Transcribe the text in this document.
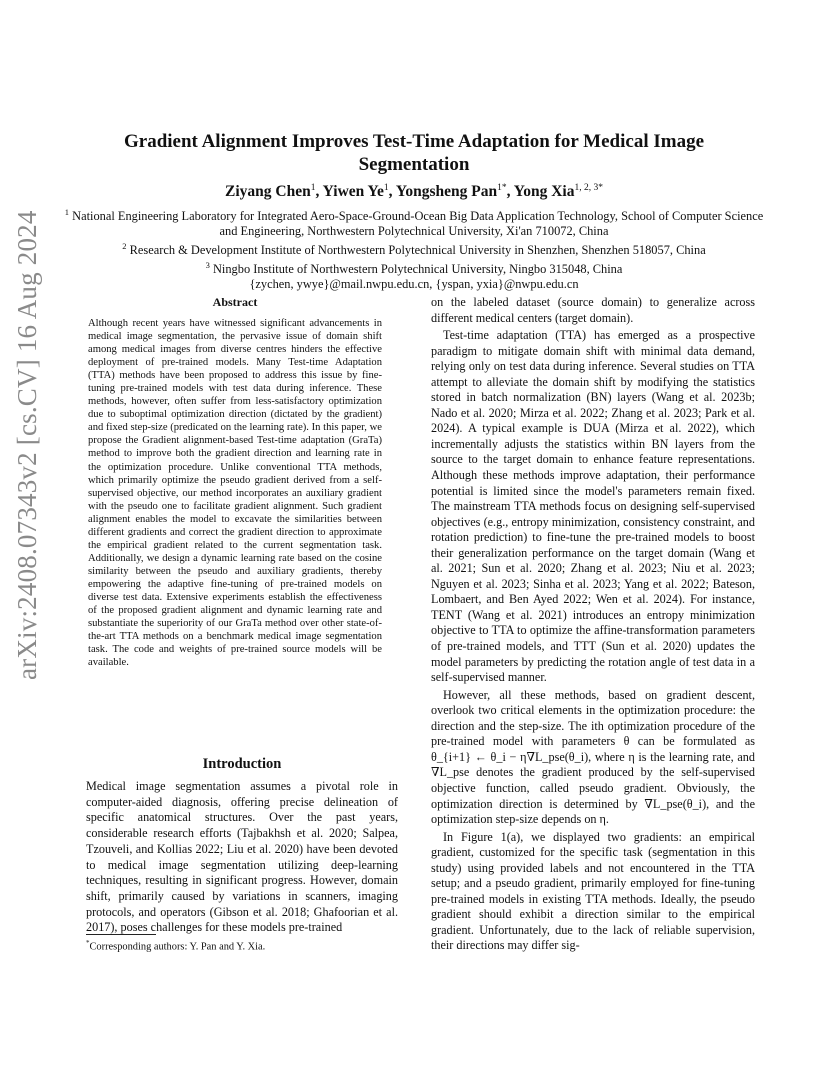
arXiv:2408.07343v2 [cs.CV] 16 Aug 2024
Gradient Alignment Improves Test-Time Adaptation for Medical Image Segmentation
Ziyang Chen$^1$, Yiwen Ye$^1$, Yongsheng Pan$^{1*}$, Yong Xia$^{1, 2, 3*}$
$^1$ National Engineering Laboratory for Integrated Aero-Space-Ground-Ocean Big Data Application Technology, School of Computer Science and Engineering, Northwestern Polytechnical University, Xi'an 710072, China
$^2$ Research & Development Institute of Northwestern Polytechnical University in Shenzhen, Shenzhen 518057, China
$^3$ Ningbo Institute of Northwestern Polytechnical University, Ningbo 315048, China
{zychen, ywye}@mail.nwpu.edu.cn, {yspan, yxia}@nwpu.edu.cn
Abstract
Although recent years have witnessed significant advancements in medical image segmentation, the pervasive issue of domain shift among medical images from diverse centres hinders the effective deployment of pre-trained models. Many Test-time Adaptation (TTA) methods have been proposed to address this issue by fine-tuning pre-trained models with test data during inference. These methods, however, often suffer from less-satisfactory optimization due to suboptimal optimization direction (dictated by the gradient) and fixed step-size (predicated on the learning rate). In this paper, we propose the Gradient alignment-based Test-time adaptation (GraTa) method to improve both the gradient direction and learning rate in the optimization procedure. Unlike conventional TTA methods, which primarily optimize the pseudo gradient derived from a self-supervised objective, our method incorporates an auxiliary gradient with the pseudo one to facilitate gradient alignment. Such gradient alignment enables the model to excavate the similarities between different gradients and correct the gradient direction to approximate the empirical gradient related to the current segmentation task. Additionally, we design a dynamic learning rate based on the cosine similarity between the pseudo and auxiliary gradients, thereby empowering the adaptive fine-tuning of pre-trained models on diverse test data. Extensive experiments establish the effectiveness of the proposed gradient alignment and dynamic learning rate and substantiate the superiority of our GraTa method over other state-of-the-art TTA methods on a benchmark medical image segmentation task. The code and weights of pre-trained source models will be available.
Introduction
Medical image segmentation assumes a pivotal role in computer-aided diagnosis, offering precise delineation of specific anatomical structures. Over the past years, considerable research efforts (Tajbakhsh et al. 2020; Salpea, Tzouveli, and Kollias 2022; Liu et al. 2020) have been devoted to medical image segmentation utilizing deep-learning techniques, resulting in significant progress. However, domain shift, primarily caused by variations in scanners, imaging protocols, and operators (Gibson et al. 2018; Ghafoorian et al. 2017), poses challenges for these models pre-trained
*Corresponding authors: Y. Pan and Y. Xia.

on the labeled dataset (source domain) to generalize across different medical centers (target domain).

Test-time adaptation (TTA) has emerged as a prospective paradigm to mitigate domain shift with minimal data demand, relying only on test data during inference. Several studies on TTA attempt to alleviate the domain shift by modifying the statistics stored in batch normalization (BN) layers (Wang et al. 2023b; Nado et al. 2020; Mirza et al. 2022; Zhang et al. 2023; Park et al. 2024). A typical example is DUA (Mirza et al. 2022), which incrementally adjusts the statistics within BN layers from the source to the target domain to enhance feature representations. Although these methods improve adaptation, their performance potential is limited since the model's parameters remain fixed. The mainstream TTA methods focus on designing self-supervised objectives (e.g., entropy minimization, consistency constraint, and rotation prediction) to fine-tune the pre-trained models to boost their generalization performance on the target domain (Wang et al. 2021; Sun et al. 2020; Zhang et al. 2023; Niu et al. 2023; Nguyen et al. 2023; Sinha et al. 2023; Yang et al. 2022; Bateson, Lombaert, and Ben Ayed 2022; Wen et al. 2024). For instance, TENT (Wang et al. 2021) introduces an entropy minimization objective to TTA to optimize the affine-transformation parameters of pre-trained models, and TTT (Sun et al. 2020) updates the model parameters by predicting the rotation angle of test data in a self-supervised manner.

However, all these methods, based on gradient descent, overlook two critical elements in the optimization procedure: the direction and the step-size. The ith optimization procedure of the pre-trained model with parameters θ can be formulated as θ_{i+1} ← θ_i − η∇L_pse(θ_i), where η is the learning rate, and ∇L_pse denotes the gradient produced by the self-supervised objective function, called pseudo gradient. Obviously, the optimization direction is determined by ∇L_pse(θ_i), and the optimization step-size depends on η.

In Figure 1(a), we displayed two gradients: an empirical gradient, customized for the specific task (segmentation in this study) using provided labels and not encountered in the TTA setup; and a pseudo gradient, primarily employed for fine-tuning pre-trained models in existing TTA methods. Ideally, the pseudo gradient should exhibit a direction similar to the empirical gradient. Unfortunately, due to the lack of reliable supervision, their directions may differ sig-
